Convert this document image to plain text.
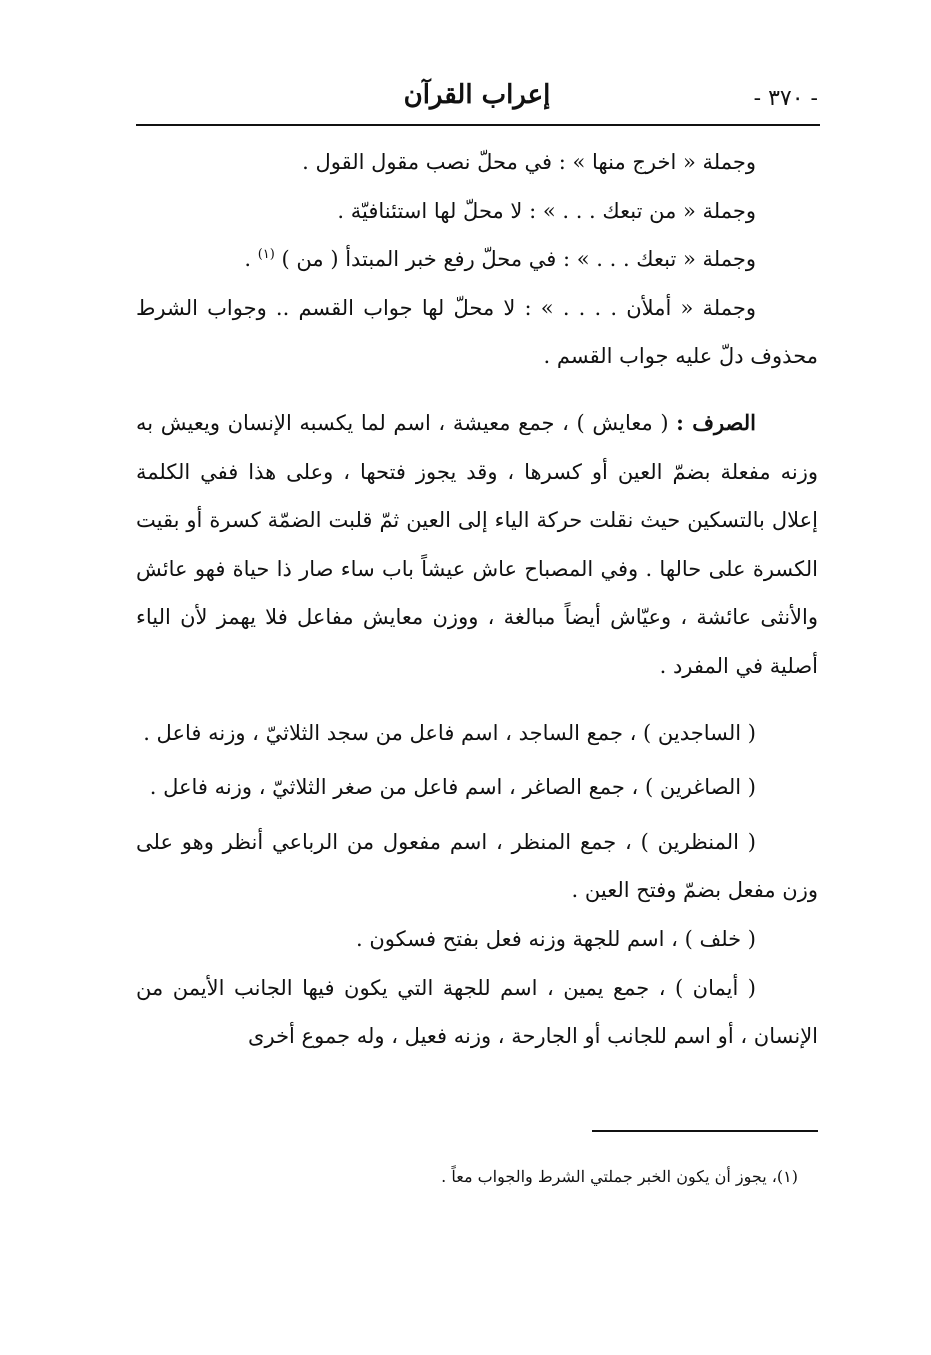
- ٣٧٠ -
إعراب القرآن

وجملة « اخرج منها » : في محلّ نصب مقول القول .

وجملة « من تبعك . . . » : لا محلّ لها استئنافيّة .

وجملة « تبعك . . . » : في محلّ رفع خبر المبتدأ ( من ) $^{(١)}$ .

وجملة « أملأن . . . . » : لا محلّ لها جواب القسم .. وجواب الشرط محذوف دلّ عليه جواب القسم .

الصرف : ( معايش ) ، جمع معيشة ، اسم لما يكسبه الإنسان ويعيش به وزنه مفعلة بضمّ العين أو كسرها ، وقد يجوز فتحها ، وعلى هذا ففي الكلمة إعلال بالتسكين حيث نقلت حركة الياء إلى العين ثمّ قلبت الضمّة كسرة أو بقيت الكسرة على حالها . وفي المصباح عاش عيشاً باب ساء صار ذا حياة فهو عائش والأنثى عائشة ، وعيّاش أيضاً مبالغة ، ووزن معايش مفاعل فلا يهمز لأن الياء أصلية في المفرد .

( الساجدين ) ، جمع الساجد ، اسم فاعل من سجد الثلاثيّ ، وزنه فاعل .

( الصاغرين ) ، جمع الصاغر ، اسم فاعل من صغر الثلاثيّ ، وزنه فاعل .

( المنظرين ) ، جمع المنظر ، اسم مفعول من الرباعي أنظر وهو على وزن مفعل بضمّ وفتح العين .

( خلف ) ، اسم للجهة وزنه فعل بفتح فسكون .

( أيمان ) ، جمع يمين ، اسم للجهة التي يكون فيها الجانب الأيمن من الإنسان ، أو اسم للجانب أو الجارحة ، وزنه فعيل ، وله جموع أخرى

(١)، يجوز أن يكون الخبر جملتي الشرط والجواب معاً .
